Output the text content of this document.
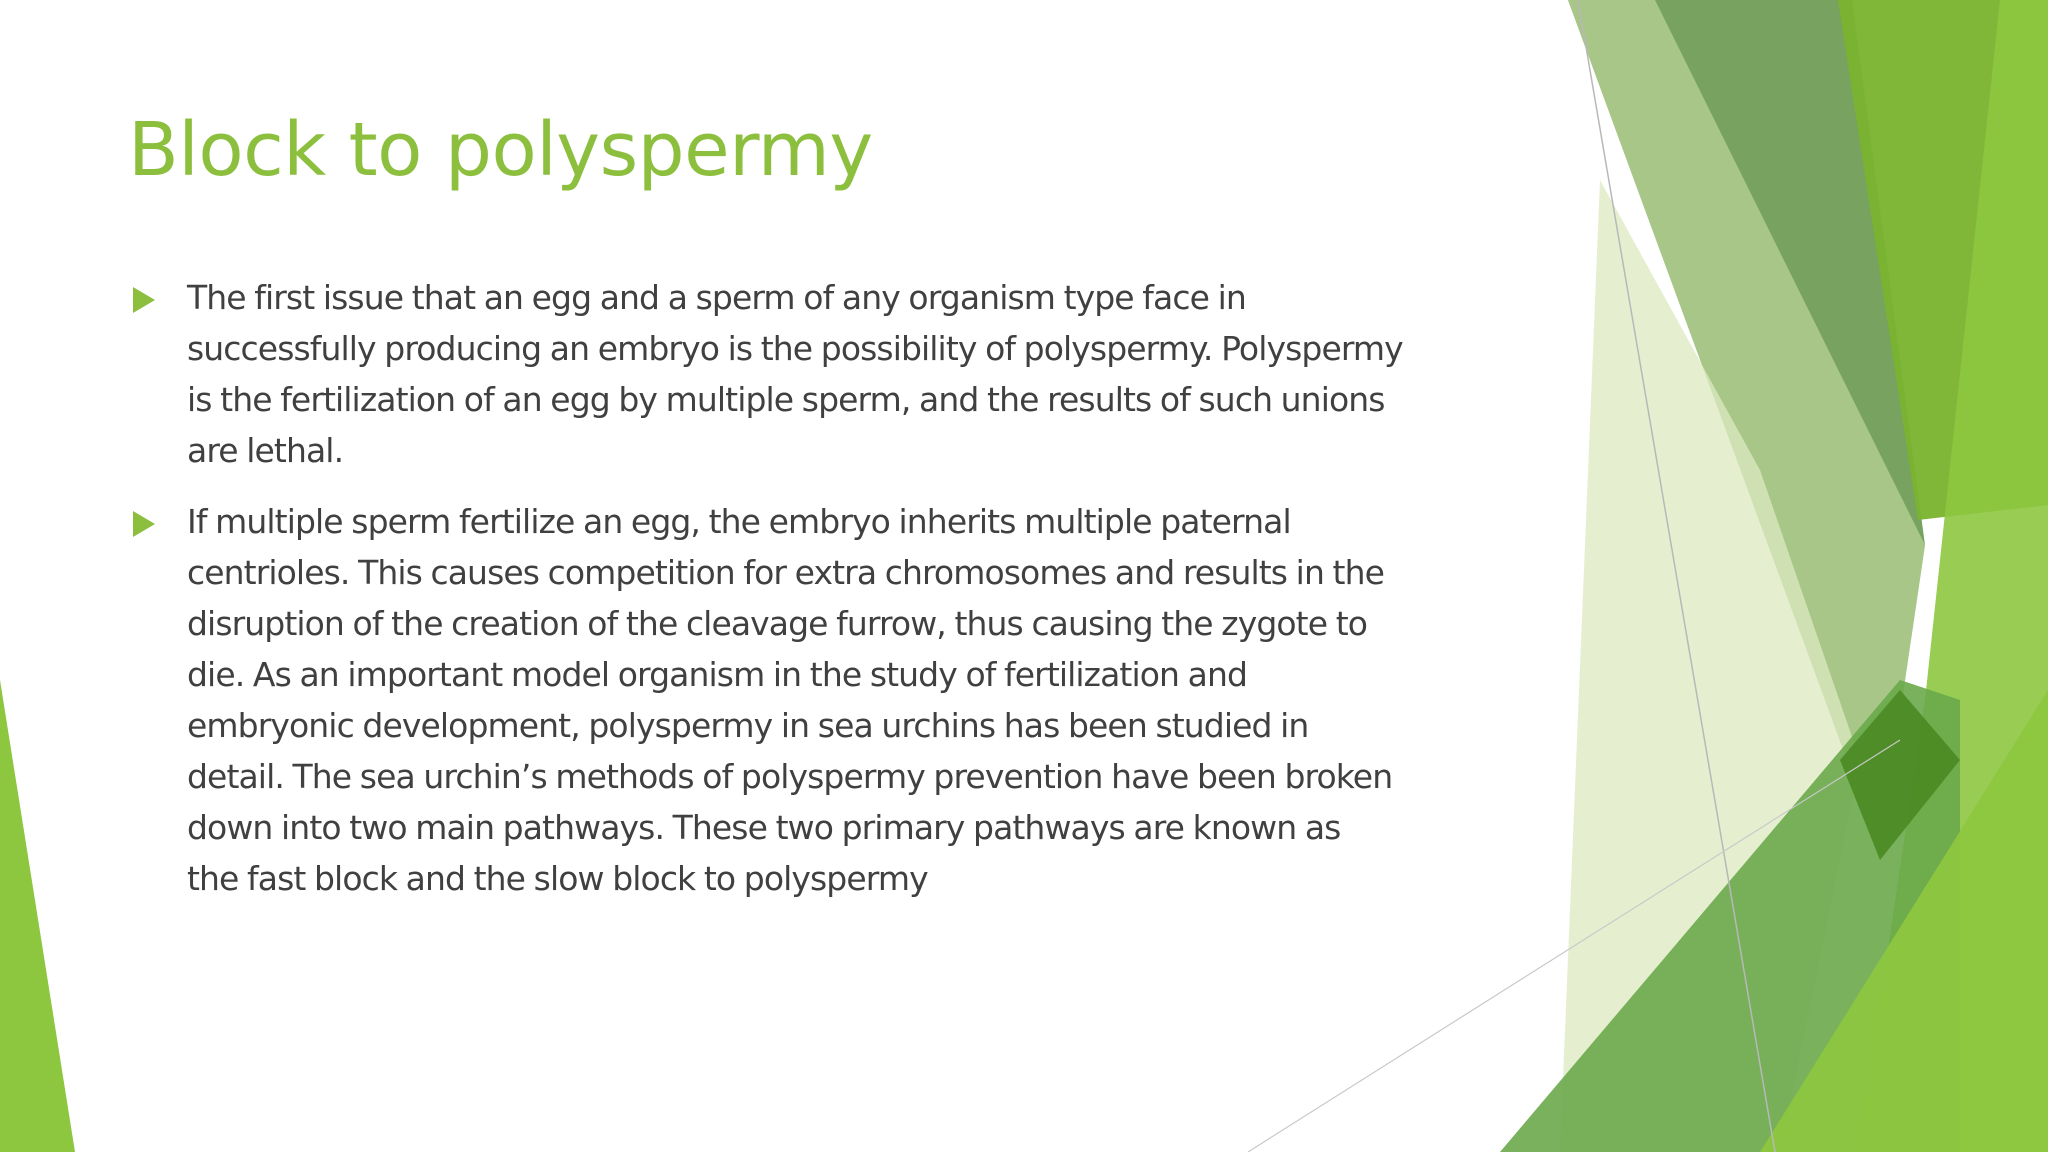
Block to polyspermy
The first issue that an egg and a sperm of any organism type face in
successfully producing an embryo is the possibility of polyspermy. Polyspermy
is the fertilization of an egg by multiple sperm, and the results of such unions
are lethal.
If multiple sperm fertilize an egg, the embryo inherits multiple paternal
centrioles. This causes competition for extra chromosomes and results in the
disruption of the creation of the cleavage furrow, thus causing the zygote to
die. As an important model organism in the study of fertilization and
embryonic development, polyspermy in sea urchins has been studied in
detail. The sea urchin’s methods of polyspermy prevention have been broken
down into two main pathways. These two primary pathways are known as
the fast block and the slow block to polyspermy
